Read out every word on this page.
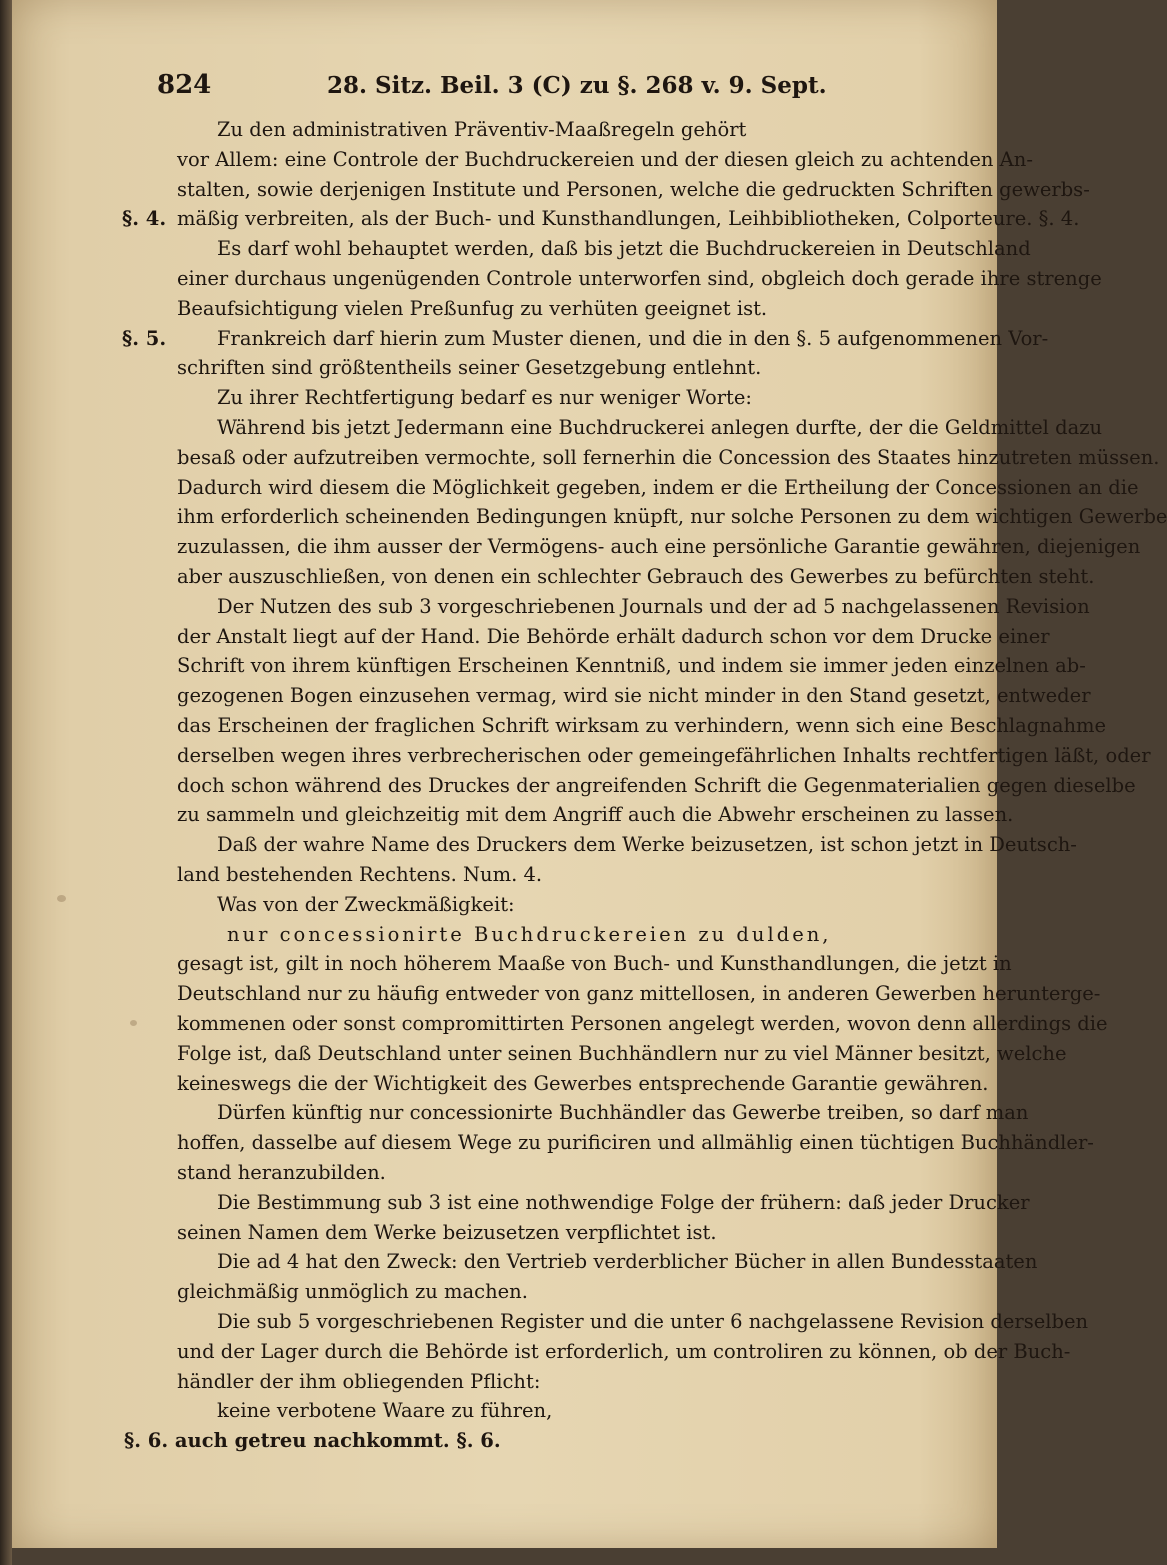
824	28. Sitz. Beil. 3 (C) zu §. 268 v. 9. Sept.
§. 4.
§. 5.
Zu den administrativen Präventiv-Maaßregeln gehört
vor Allem: eine Controle der Buchdruckereien und der diesen gleich zu achtenden An-
stalten, sowie derjenigen Institute und Personen, welche die gedruckten Schriften gewerbs-
mäßig verbreiten, als der Buch- und Kunsthandlungen, Leihbibliotheken, Colporteure. §. 4.
Es darf wohl behauptet werden, daß bis jetzt die Buchdruckereien in Deutschland
einer durchaus ungenügenden Controle unterworfen sind, obgleich doch gerade ihre strenge
Beaufsichtigung vielen Preßunfug zu verhüten geeignet ist.
Frankreich darf hierin zum Muster dienen, und die in den §. 5 aufgenommenen Vor-
schriften sind größtentheils seiner Gesetzgebung entlehnt.
Zu ihrer Rechtfertigung bedarf es nur weniger Worte:
Während bis jetzt Jedermann eine Buchdruckerei anlegen durfte, der die Geldmittel dazu
besaß oder aufzutreiben vermochte, soll fernerhin die Concession des Staates hinzutreten müssen.
Dadurch wird diesem die Möglichkeit gegeben, indem er die Ertheilung der Concessionen an die
ihm erforderlich scheinenden Bedingungen knüpft, nur solche Personen zu dem wichtigen Gewerbe
zuzulassen, die ihm ausser der Vermögens- auch eine persönliche Garantie gewähren, diejenigen
aber auszuschließen, von denen ein schlechter Gebrauch des Gewerbes zu befürchten steht.
Der Nutzen des sub 3 vorgeschriebenen Journals und der ad 5 nachgelassenen Revision
der Anstalt liegt auf der Hand. Die Behörde erhält dadurch schon vor dem Drucke einer
Schrift von ihrem künftigen Erscheinen Kenntniß, und indem sie immer jeden einzelnen ab-
gezogenen Bogen einzusehen vermag, wird sie nicht minder in den Stand gesetzt, entweder
das Erscheinen der fraglichen Schrift wirksam zu verhindern, wenn sich eine Beschlagnahme
derselben wegen ihres verbrecherischen oder gemeingefährlichen Inhalts rechtfertigen läßt, oder
doch schon während des Druckes der angreifenden Schrift die Gegenmaterialien gegen dieselbe
zu sammeln und gleichzeitig mit dem Angriff auch die Abwehr erscheinen zu lassen.
Daß der wahre Name des Druckers dem Werke beizusetzen, ist schon jetzt in Deutsch-
land bestehenden Rechtens. Num. 4.
Was von der Zweckmäßigkeit:
nur concessionirte Buchdruckereien zu dulden,
gesagt ist, gilt in noch höherem Maaße von Buch- und Kunsthandlungen, die jetzt in
Deutschland nur zu häufig entweder von ganz mittellosen, in anderen Gewerben herunterge-
kommenen oder sonst compromittirten Personen angelegt werden, wovon denn allerdings die
Folge ist, daß Deutschland unter seinen Buchhändlern nur zu viel Männer besitzt, welche
keineswegs die der Wichtigkeit des Gewerbes entsprechende Garantie gewähren.
Dürfen künftig nur concessionirte Buchhändler das Gewerbe treiben, so darf man
hoffen, dasselbe auf diesem Wege zu purificiren und allmählig einen tüchtigen Buchhändler-
stand heranzubilden.
Die Bestimmung sub 3 ist eine nothwendige Folge der frühern: daß jeder Drucker
seinen Namen dem Werke beizusetzen verpflichtet ist.
Die ad 4 hat den Zweck: den Vertrieb verderblicher Bücher in allen Bundesstaaten
gleichmäßig unmöglich zu machen.
Die sub 5 vorgeschriebenen Register und die unter 6 nachgelassene Revision derselben
und der Lager durch die Behörde ist erforderlich, um controliren zu können, ob der Buch-
händler der ihm obliegenden Pflicht:
keine verbotene Waare zu führen,
§. 6. auch getreu nachkommt. §. 6.
